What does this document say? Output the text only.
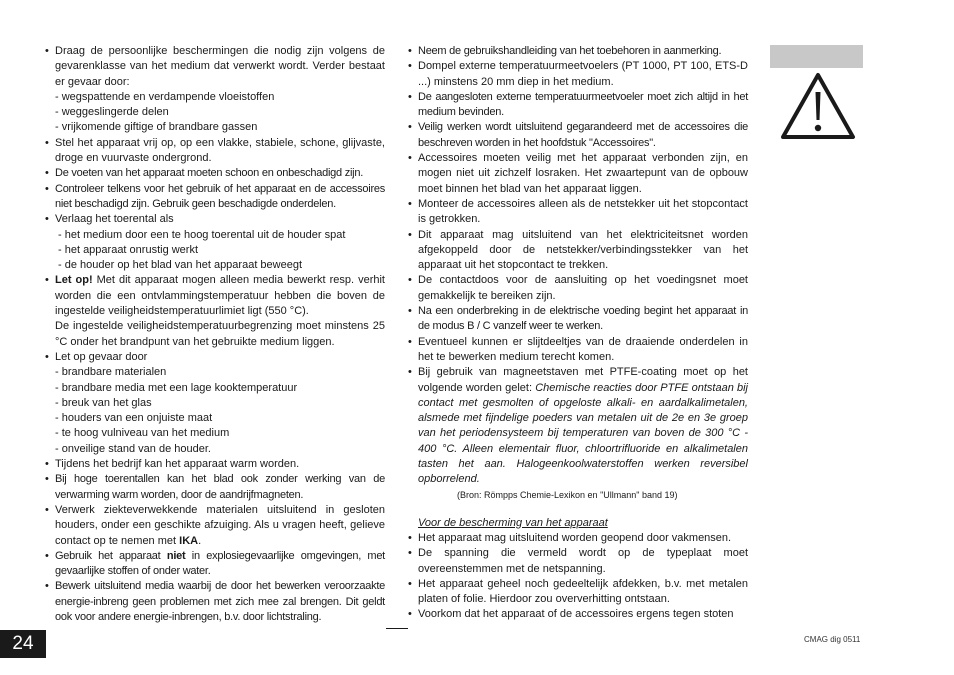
• Draag de persoonlijke beschermingen die nodig zijn volgens de gevarenklasse van het medium dat verwerkt wordt. Verder bestaat er gevaar door:

- wegspattende en verdampende vloeistoffen

- weggeslingerde delen

- vrijkomende giftige of brandbare gassen

• Stel het apparaat vrij op, op een vlakke, stabiele, schone, glijvaste, droge en vuurvaste ondergrond.

• De voeten van het apparaat moeten schoon en onbeschadigd zijn.

• Controleer telkens voor het gebruik of het apparaat en de accessoires niet beschadigd zijn. Gebruik geen beschadigde onderdelen.

• Verlaag het toerental als

- het medium door een te hoog toerental uit de houder spat

- het apparaat onrustig werkt

- de houder op het blad van het apparaat beweegt

• Let op! Met dit apparaat mogen alleen media bewerkt resp. verhit worden die een ontvlammingstemperatuur hebben die boven de ingestelde veiligheidstemperatuurlimiet ligt (550 °C).

De ingestelde veiligheidstemperatuurbegrenzing moet minstens 25 °C onder het brandpunt van het gebruikte medium liggen.

• Let op gevaar door

- brandbare materialen

- brandbare media met een lage kooktemperatuur

- breuk van het glas

- houders van een onjuiste maat

- te hoog vulniveau van het medium

- onveilige stand van de houder.

• Tijdens het bedrijf kan het apparaat warm worden.

• Bij hoge toerentallen kan het blad ook zonder werking van de verwarming warm worden, door de aandrijfmagneten.

• Verwerk ziekteverwekkende materialen uitsluitend in gesloten houders, onder een geschikte afzuiging. Als u vragen heeft, gelieve contact op te nemen met IKA.

• Gebruik het apparaat niet in explosiegevaarlijke omgevingen, met gevaarlijke stoffen of onder water.

• Bewerk uitsluitend media waarbij de door het bewerken veroorzaakte energie-inbreng geen problemen met zich mee zal brengen. Dit geldt ook voor andere energie-inbrengen, b.v. door lichtstraling.

• Neem de gebruikshandleiding van het toebehoren in aanmerking.

• Dompel externe temperatuurmeetvoelers (PT 1000, PT 100, ETS-D ...) minstens 20 mm diep in het medium.

• De aangesloten externe temperatuurmeetvoeler moet zich altijd in het medium bevinden.

• Veilig werken wordt uitsluitend gegarandeerd met de accessoires die beschreven worden in het hoofdstuk "Accessoires".

• Accessoires moeten veilig met het apparaat verbonden zijn, en mogen niet uit zichzelf losraken. Het zwaartepunt van de opbouw moet binnen het blad van het apparaat liggen.

• Monteer de accessoires alleen als de netstekker uit het stopcontact is getrokken.

• Dit apparaat mag uitsluitend van het elektriciteitsnet worden afgekoppeld door de netstekker/verbindingsstekker van het apparaat uit het stopcontact te trekken.

• De contactdoos voor de aansluiting op het voedingsnet moet gemakkelijk te bereiken zijn.

• Na een onderbreking in de elektrische voeding begint het apparaat in de modus B / C vanzelf weer te werken.

• Eventueel kunnen er slijtdeeltjes van de draaiende onderdelen in het te bewerken medium terecht komen.

• Bij gebruik van magneetstaven met PTFE-coating moet op het volgende worden gelet: Chemische reacties door PTFE ontstaan bij contact met gesmolten of opgeloste alkali- en aardalkalimetalen, alsmede met fijndelige poeders van metalen uit de 2e en 3e groep van het periodensysteem bij temperaturen van boven de 300 °C - 400 °C. Alleen elementair fluor, chloortrifluoride en alkalimetalen tasten het aan. Halogeenkoolwaterstoffen werken reversibel opborrelend.

(Bron: Römpps Chemie-Lexikon en "Ullmann" band 19)

Voor de bescherming van het apparaat

• Het apparaat mag uitsluitend worden geopend door vakmensen.

• De spanning die vermeld wordt op de typeplaat moet overeenstemmen met de netspanning.

• Het apparaat geheel noch gedeeltelijk afdekken, b.v. met metalen platen of folie. Hierdoor zou oververhitting ontstaan.

• Voorkom dat het apparaat of de accessoires ergens tegen stoten

24	CMAG dig 0511
